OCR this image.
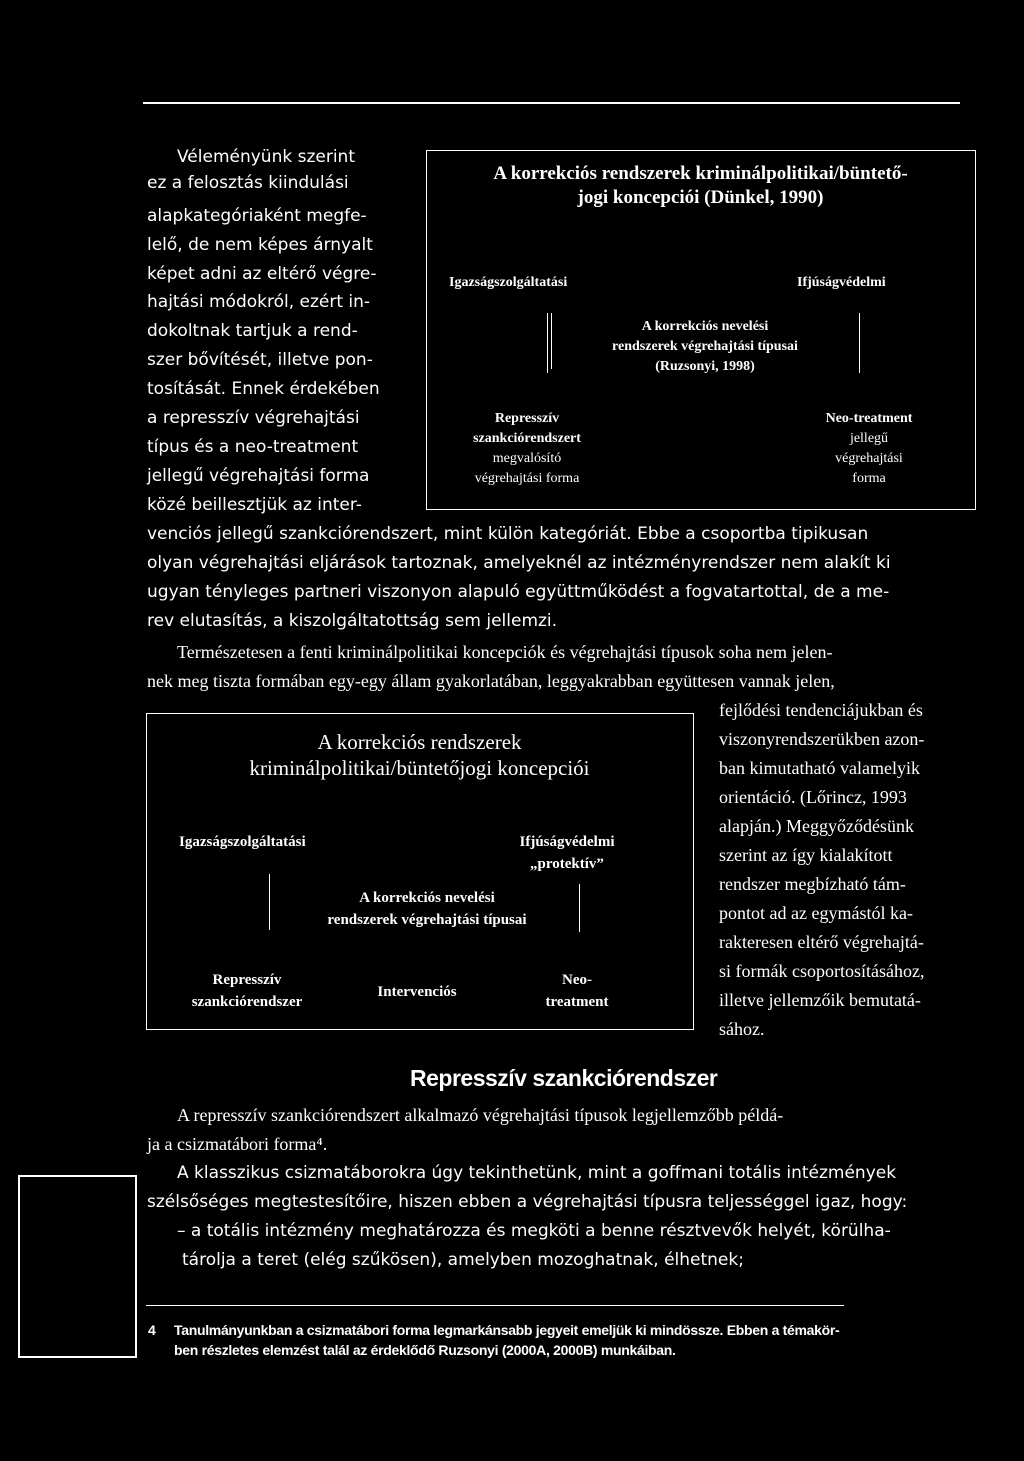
Véleményünk szerint
ez a felosztás kiindulási
alapkategóriaként megfe-
lelő, de nem képes árnyalt
képet adni az eltérő végre-
hajtási módokról, ezért in-
dokoltnak tartjuk a rend-
szer bővítését, illetve pon-
tosítását. Ennek érdekében
a represszív végrehajtási
típus és a neo-treatment
jellegű végrehajtási forma
közé beillesztjük az inter-
A korrekciós rendszerek kriminálpolitikai/büntető-
jogi koncepciói (Dünkel, 1990)
Igazságszolgáltatási	Ifjúságvédelmi
A korrekciós nevelési
rendszerek végrehajtási típusai
(Ruzsonyi, 1998)
Represszív
szankciórendszert
megvalósító
végrehajtási forma
Neo-treatment
jellegű
végrehajtási
forma
venciós jellegű szankciórendszert, mint külön kategóriát. Ebbe a csoportba tipikusan
olyan végrehajtási eljárások tartoznak, amelyeknél az intézményrendszer nem alakít ki
ugyan tényleges partneri viszonyon alapuló együttműködést a fogvatartottal, de a me-
rev elutasítás, a kiszolgáltatottság sem jellemzi.
Természetesen a fenti kriminálpolitikai koncepciók és végrehajtási típusok soha nem jelen-
nek meg tiszta formában egy-egy állam gyakorlatában, leggyakrabban együttesen vannak jelen,
fejlődési tendenciájukban és
viszonyrendszerükben azon-
ban kimutatható valamelyik
orientáció. (Lőrincz, 1993
alapján.) Meggyőződésünk
szerint az így kialakított
rendszer megbízható tám-
pontot ad az egymástól ka-
rakteresen eltérő végrehajtá-
si formák csoportosításához,
illetve jellemzőik bemutatá-
sához.
A korrekciós rendszerek
kriminálpolitikai/büntetőjogi koncepciói
Igazságszolgáltatási	Ifjúságvédelmi
„protektív”
A korrekciós nevelési
rendszerek végrehajtási típusai
Represszív
szankciórendszer
Intervenciós
Neo-
treatment
Represszív szankciórendszer
A represszív szankciórendszert alkalmazó végrehajtási típusok legjellemzőbb példá-
ja a csizmatábori forma⁴.
A klasszikus csizmatáborokra úgy tekinthetünk, mint a goffmani totális intézmények
szélsőséges megtestesítőire, hiszen ebben a végrehajtási típusra teljességgel igaz, hogy:
– a totális intézmény meghatározza és megköti a benne résztvevők helyét, körülha-
tárolja a teret (elég szűkösen), amelyben mozoghatnak, élhetnek;
4 Tanulmányunkban a csizmatábori forma legmarkánsabb jegyeit emeljük ki mindössze. Ebben a témakör-
ben részletes elemzést talál az érdeklődő Ruzsonyi (2000A, 2000B) munkáiban.
